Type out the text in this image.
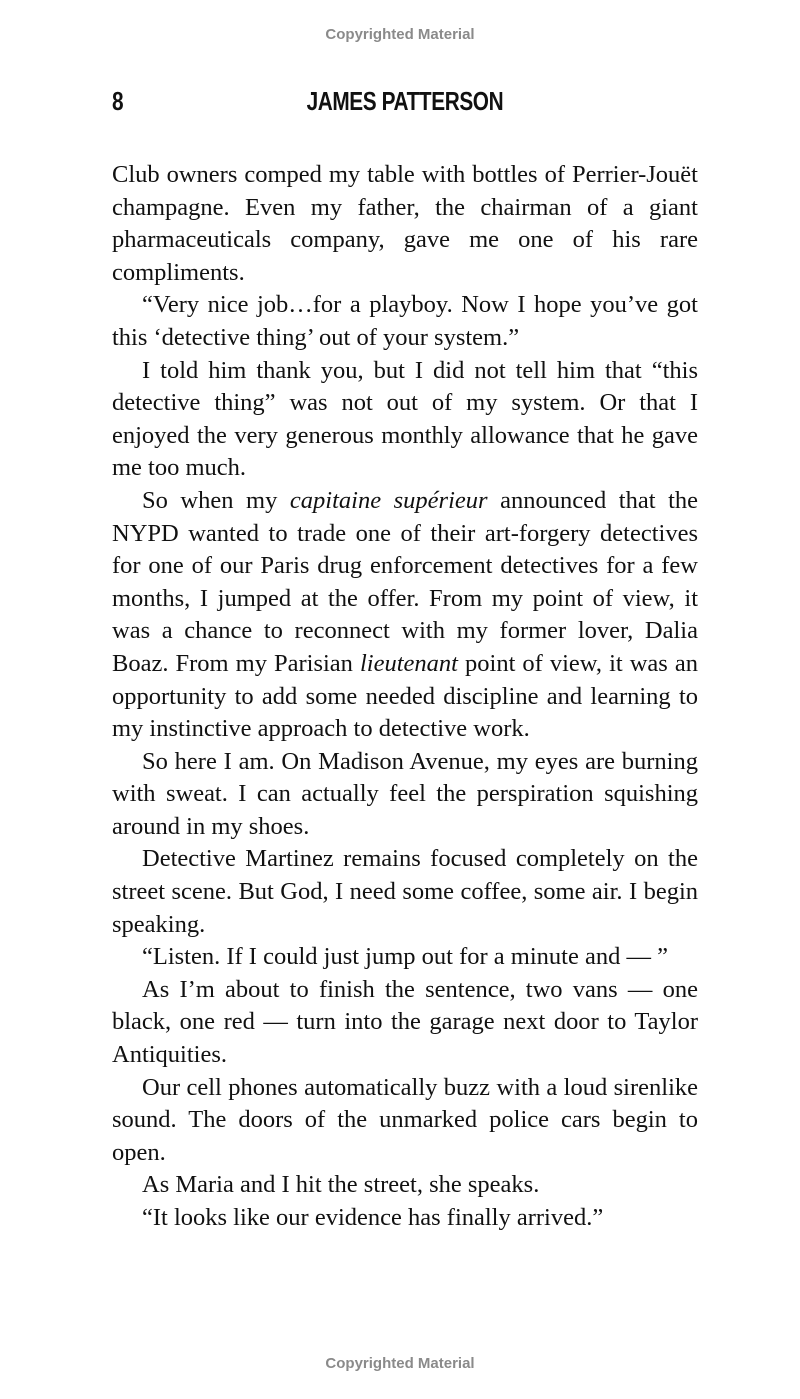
Copyrighted Material
8	JAMES PATTERSON

Club owners comped my table with bottles of Perrier-Jouët champagne. Even my father, the chairman of a giant pharmaceuticals company, gave me one of his rare compliments.

“Very nice job…for a playboy. Now I hope you’ve got this ‘detective thing’ out of your system.”

I told him thank you, but I did not tell him that “this detective thing” was not out of my system. Or that I enjoyed the very generous monthly allowance that he gave me too much.

So when my capitaine supérieur announced that the NYPD wanted to trade one of their art-forgery detectives for one of our Paris drug enforcement detectives for a few months, I jumped at the offer. From my point of view, it was a chance to reconnect with my former lover, Dalia Boaz. From my Parisian lieutenant point of view, it was an opportunity to add some needed discipline and learning to my instinctive approach to detective work.

So here I am. On Madison Avenue, my eyes are burning with sweat. I can actually feel the perspiration squishing around in my shoes.

Detective Martinez remains focused completely on the street scene. But God, I need some coffee, some air. I begin speaking.

“Listen. If I could just jump out for a minute and — ”

As I’m about to finish the sentence, two vans — one black, one red — turn into the garage next door to Taylor Antiquities.

Our cell phones automatically buzz with a loud sirenlike sound. The doors of the unmarked police cars begin to open.

As Maria and I hit the street, she speaks.

“It looks like our evidence has finally arrived.”

Copyrighted Material
